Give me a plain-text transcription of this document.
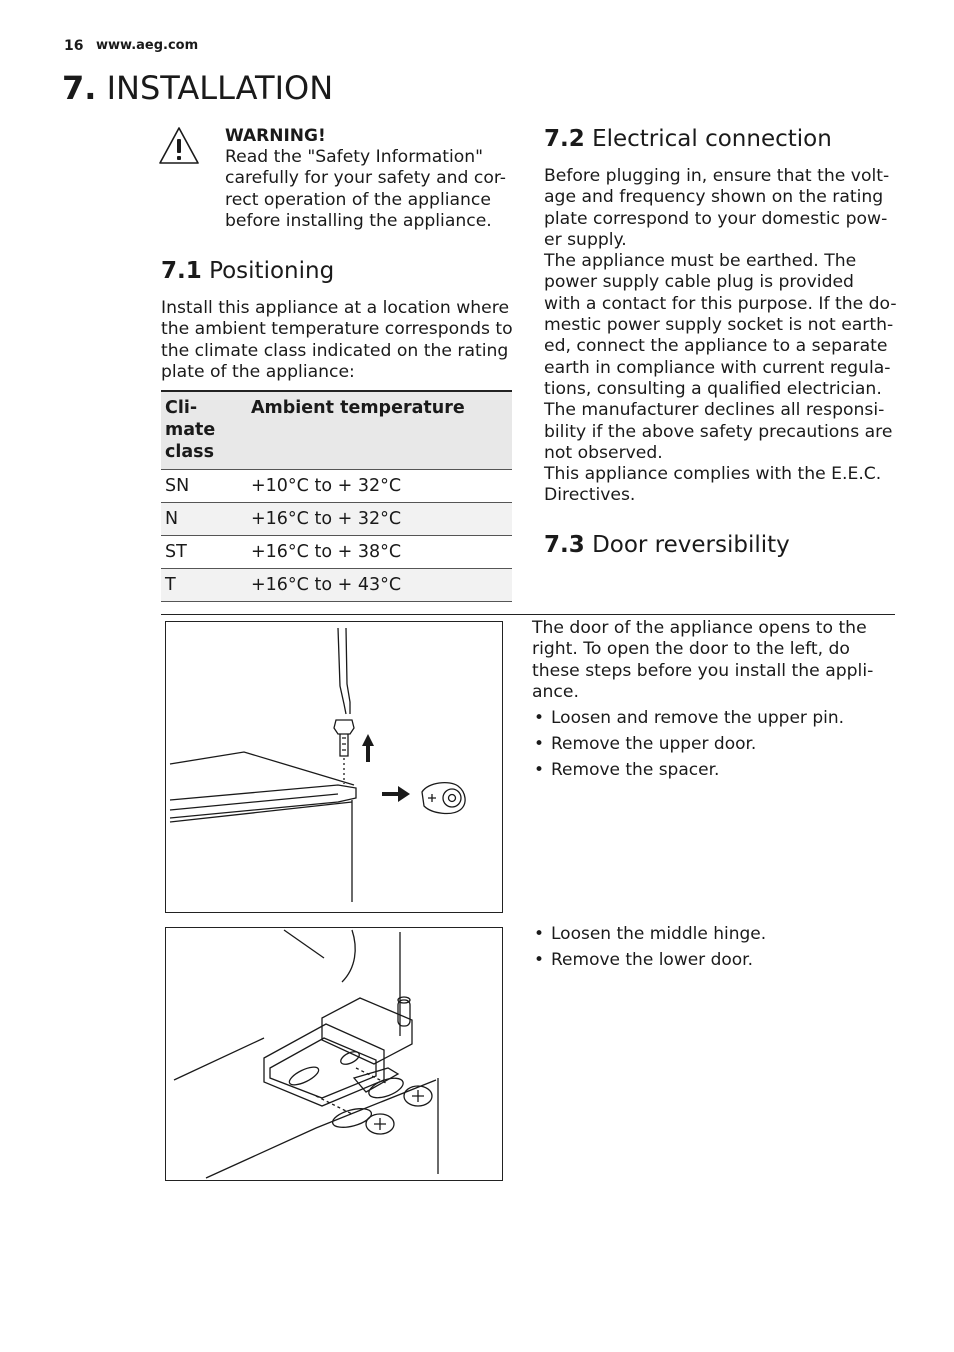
16 www.aeg.com
7. INSTALLATION
WARNING!
Read the "Safety Information"
carefully for your safety and cor-
rect operation of the appliance
before installing the appliance.
7.1 Positioning
Install this appliance at a location where
the ambient temperature corresponds to
the climate class indicated on the rating
plate of the appliance:
Cli-
mate
class	Ambient temperature
SN	+10°C to + 32°C
N	+16°C to + 32°C
ST	+16°C to + 38°C
T	+16°C to + 43°C
7.2 Electrical connection
Before plugging in, ensure that the volt-
age and frequency shown on the rating
plate correspond to your domestic pow-
er supply.
The appliance must be earthed. The
power supply cable plug is provided
with a contact for this purpose. If the do-
mestic power supply socket is not earth-
ed, connect the appliance to a separate
earth in compliance with current regula-
tions, consulting a qualified electrician.
The manufacturer declines all responsi-
bility if the above safety precautions are
not observed.
This appliance complies with the E.E.C.
Directives.
7.3 Door reversibility
The door of the appliance opens to the
right. To open the door to the left, do
these steps before you install the appli-
ance.
• Loosen and remove the upper pin.
• Remove the upper door.
• Remove the spacer.
• Loosen the middle hinge.
• Remove the lower door.
